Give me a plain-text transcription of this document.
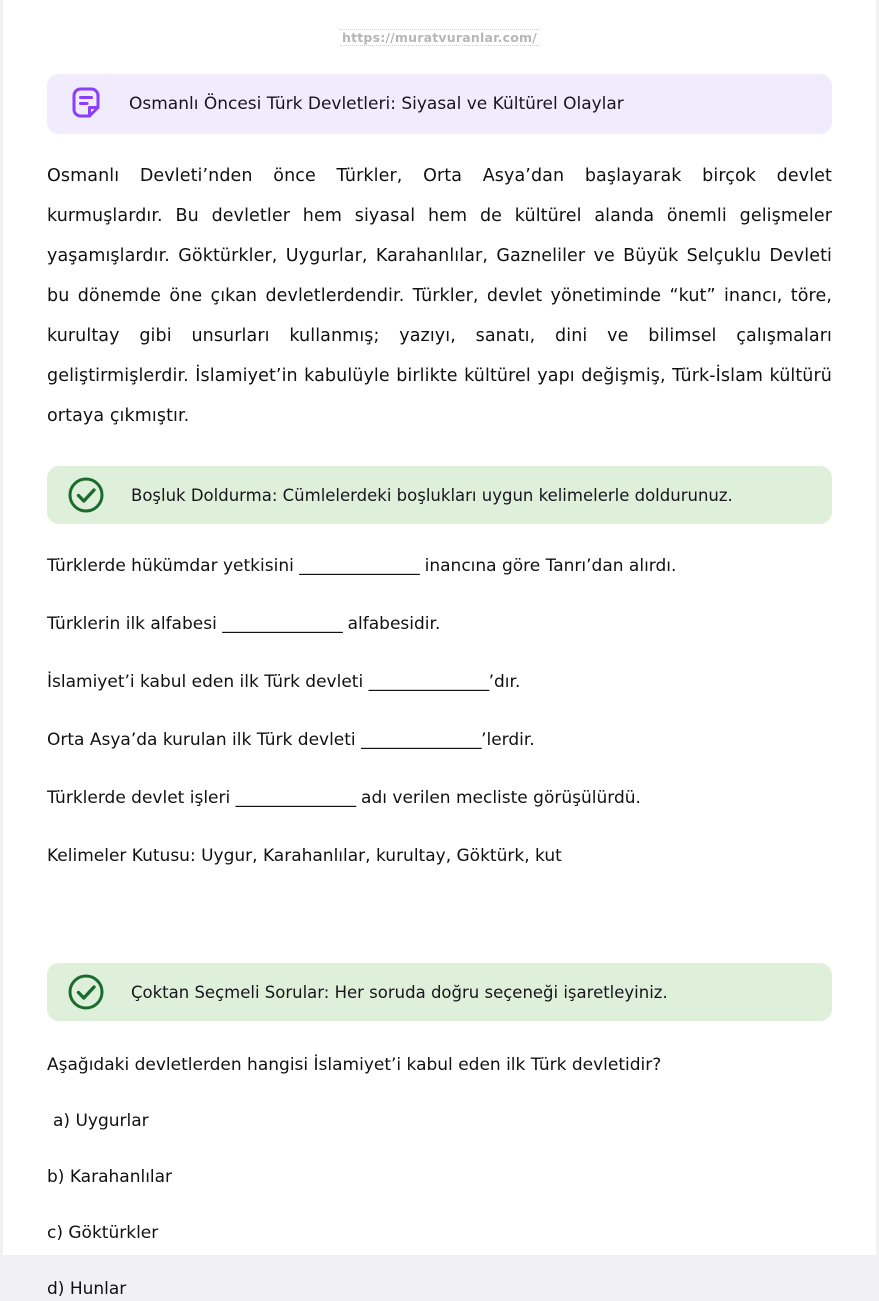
https://muratvuranlar.com/
Osmanlı Öncesi Türk Devletleri: Siyasal ve Kültürel Olaylar

Osmanlı Devleti’nden önce Türkler, Orta Asya’dan başlayarak birçok devlet kurmuşlardır. Bu devletler hem siyasal hem de kültürel alanda önemli gelişmeler yaşamışlardır. Göktürkler, Uygurlar, Karahanlılar, Gazneliler ve Büyük Selçuklu Devleti bu dönemde öne çıkan devletlerdendir. Türkler, devlet yönetiminde “kut” inancı, töre, kurultay gibi unsurları kullanmış; yazıyı, sanatı, dini ve bilimsel çalışmaları geliştirmişlerdir. İslamiyet’in kabulüyle birlikte kültürel yapı değişmiş, Türk-İslam kültürü ortaya çıkmıştır.

Boşluk Doldurma: Cümlelerdeki boşlukları uygun kelimelerle doldurunuz.
Türklerde hükümdar yetkisini _______________ inancına göre Tanrı’dan alırdı.
Türklerin ilk alfabesi _______________ alfabesidir.
İslamiyet’i kabul eden ilk Türk devleti _______________’dır.
Orta Asya’da kurulan ilk Türk devleti _______________’lerdir.
Türklerde devlet işleri _______________ adı verilen mecliste görüşülürdü.
Kelimeler Kutusu: Uygur, Karahanlılar, kurultay, Göktürk, kut
Çoktan Seçmeli Sorular: Her soruda doğru seçeneği işaretleyiniz.
Aşağıdaki devletlerden hangisi İslamiyet’i kabul eden ilk Türk devletidir?
a) Uygurlar
b) Karahanlılar
c) Göktürkler
d) Hunlar
